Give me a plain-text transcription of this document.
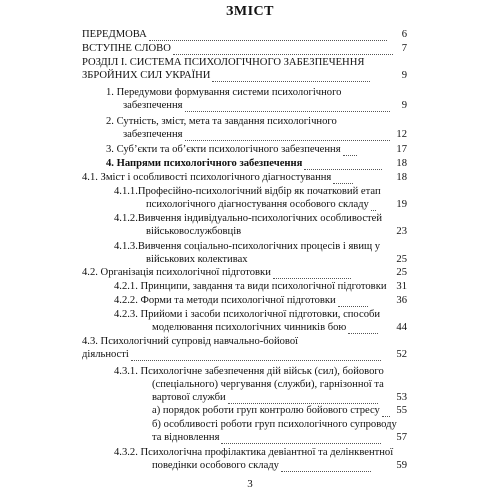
ЗМІСТ
ПЕРЕДМОВА	6
ВСТУПНЕ СЛОВО	7
РОЗДІЛ І. СИСТЕМА ПСИХОЛОГІЧНОГО ЗАБЕЗПЕЧЕННЯ
ЗБРОЙНИХ СИЛ УКРАЇНИ	9
1. Передумови формування системи психологічного
забезпечення	9
2. Сутність, зміст, мета та завдання психологічного
забезпечення	12
3. Суб’єкти та об’єкти психологічного забезпечення	17
4. Напрями психологічного забезпечення	18
4.1. Зміст і особливості психологічного діагностування	18
4.1.1.Професійно-психологічний відбір як початковий етап
психологічного діагностування особового складу	19
4.1.2.Вивчення індивідуально-психологічних особливостей
військовослужбовців	23
4.1.3.Вивчення соціально-психологічних процесів і явищ у
військових колективах	25
4.2. Організація психологічної підготовки	25
4.2.1. Принципи, завдання та види психологічної підготовки 31
4.2.2. Форми та методи психологічної підготовки	36
4.2.3. Прийоми і засоби психологічної підготовки, способи
моделювання психологічних чинників бою	44
4.3. Психологічний супровід навчально-бойової
діяльності	52
4.3.1. Психологічне забезпечення дій військ (сил), бойового
(спеціального) чергування (служби), гарнізонної та
вартової служби	53
а) порядок роботи груп контролю бойового стресу	55
б) особливості роботи груп психологічного супроводу
та відновлення	57
4.3.2. Психологічна профілактика девіантної та делінквентної
поведінки особового складу	59
3
